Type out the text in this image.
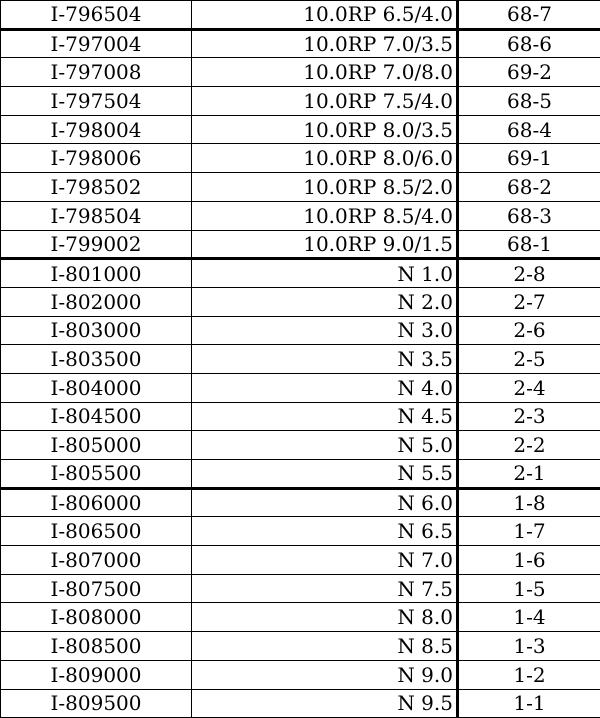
I-796504	10.0RP 6.5/4.0	68-7
I-797004	10.0RP 7.0/3.5	68-6
I-797008	10.0RP 7.0/8.0	69-2
I-797504	10.0RP 7.5/4.0	68-5
I-798004	10.0RP 8.0/3.5	68-4
I-798006	10.0RP 8.0/6.0	69-1
I-798502	10.0RP 8.5/2.0	68-2
I-798504	10.0RP 8.5/4.0	68-3
I-799002	10.0RP 9.0/1.5	68-1
I-801000	N 1.0	2-8
I-802000	N 2.0	2-7
I-803000	N 3.0	2-6
I-803500	N 3.5	2-5
I-804000	N 4.0	2-4
I-804500	N 4.5	2-3
I-805000	N 5.0	2-2
I-805500	N 5.5	2-1
I-806000	N 6.0	1-8
I-806500	N 6.5	1-7
I-807000	N 7.0	1-6
I-807500	N 7.5	1-5
I-808000	N 8.0	1-4
I-808500	N 8.5	1-3
I-809000	N 9.0	1-2
I-809500	N 9.5	1-1
